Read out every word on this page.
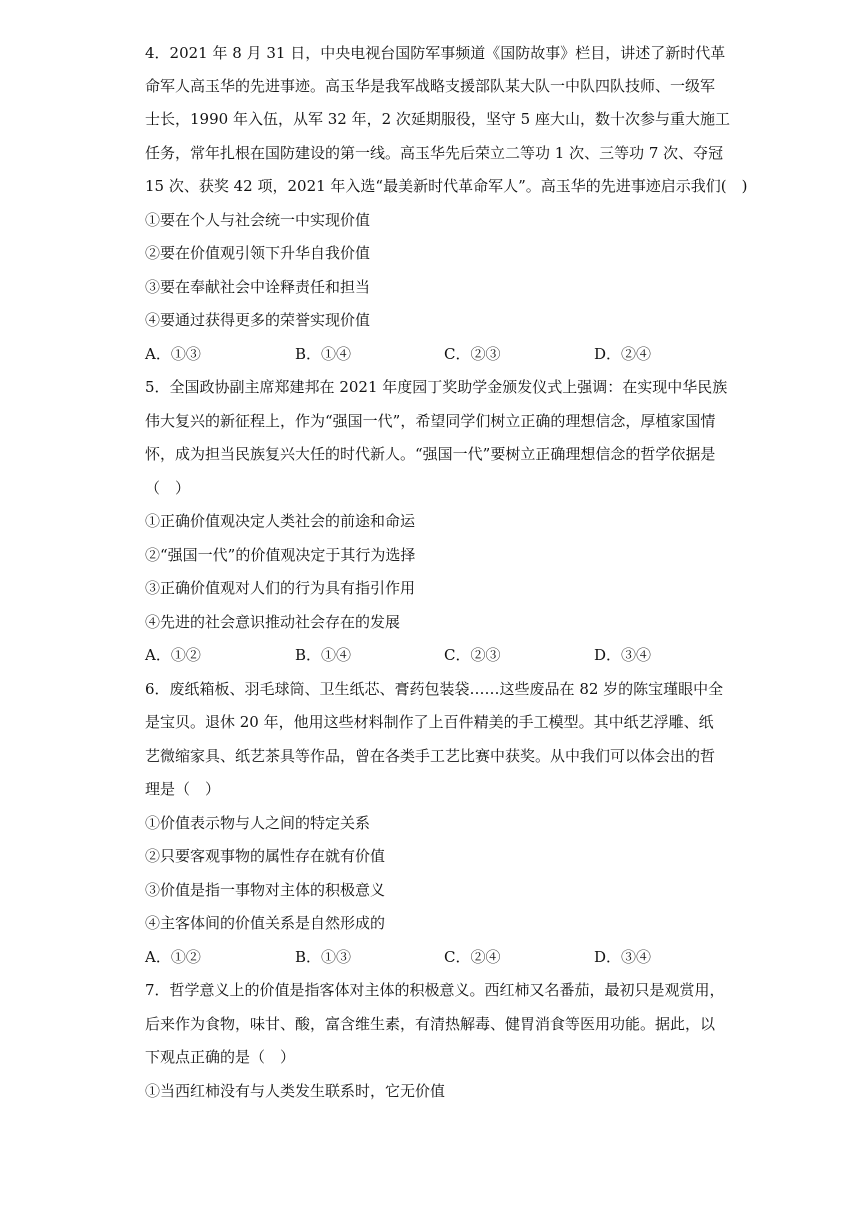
4．2021 年 8 月 31 日，中央电视台国防军事频道《国防故事》栏目，讲述了新时代革
命军人高玉华的先进事迹。高玉华是我军战略支援部队某大队一中队四队技师、一级军
士长，1990 年入伍，从军 32 年，2 次延期服役，坚守 5 座大山，数十次参与重大施工
任务，常年扎根在国防建设的第一线。高玉华先后荣立二等功 1 次、三等功 7 次、夺冠
15 次、获奖 42 项，2021 年入选“最美新时代革命军人”。高玉华的先进事迹启示我们(　)
①要在个人与社会统一中实现价值
②要在价值观引领下升华自我价值
③要在奉献社会中诠释责任和担当
④要通过获得更多的荣誉实现价值
A．①③	B．①④	C．②③	D．②④
5．全国政协副主席郑建邦在 2021 年度园丁奖助学金颁发仪式上强调：在实现中华民族
伟大复兴的新征程上，作为“强国一代”，希望同学们树立正确的理想信念，厚植家国情
怀，成为担当民族复兴大任的时代新人。“强国一代”要树立正确理想信念的哲学依据是
（　）
①正确价值观决定人类社会的前途和命运
②“强国一代”的价值观决定于其行为选择
③正确价值观对人们的行为具有指引作用
④先进的社会意识推动社会存在的发展
A．①②	B．①④	C．②③	D．③④
6．废纸箱板、羽毛球筒、卫生纸芯、膏药包装袋……这些废品在 82 岁的陈宝瑾眼中全
是宝贝。退休 20 年，他用这些材料制作了上百件精美的手工模型。其中纸艺浮雕、纸
艺微缩家具、纸艺茶具等作品，曾在各类手工艺比赛中获奖。从中我们可以体会出的哲
理是（　）
①价值表示物与人之间的特定关系
②只要客观事物的属性存在就有价值
③价值是指一事物对主体的积极意义
④主客体间的价值关系是自然形成的
A．①②	B．①③	C．②④	D．③④
7．哲学意义上的价值是指客体对主体的积极意义。西红柿又名番茄，最初只是观赏用，
后来作为食物，味甘、酸，富含维生素，有清热解毒、健胃消食等医用功能。据此，以
下观点正确的是（　）
①当西红柿没有与人类发生联系时，它无价值
